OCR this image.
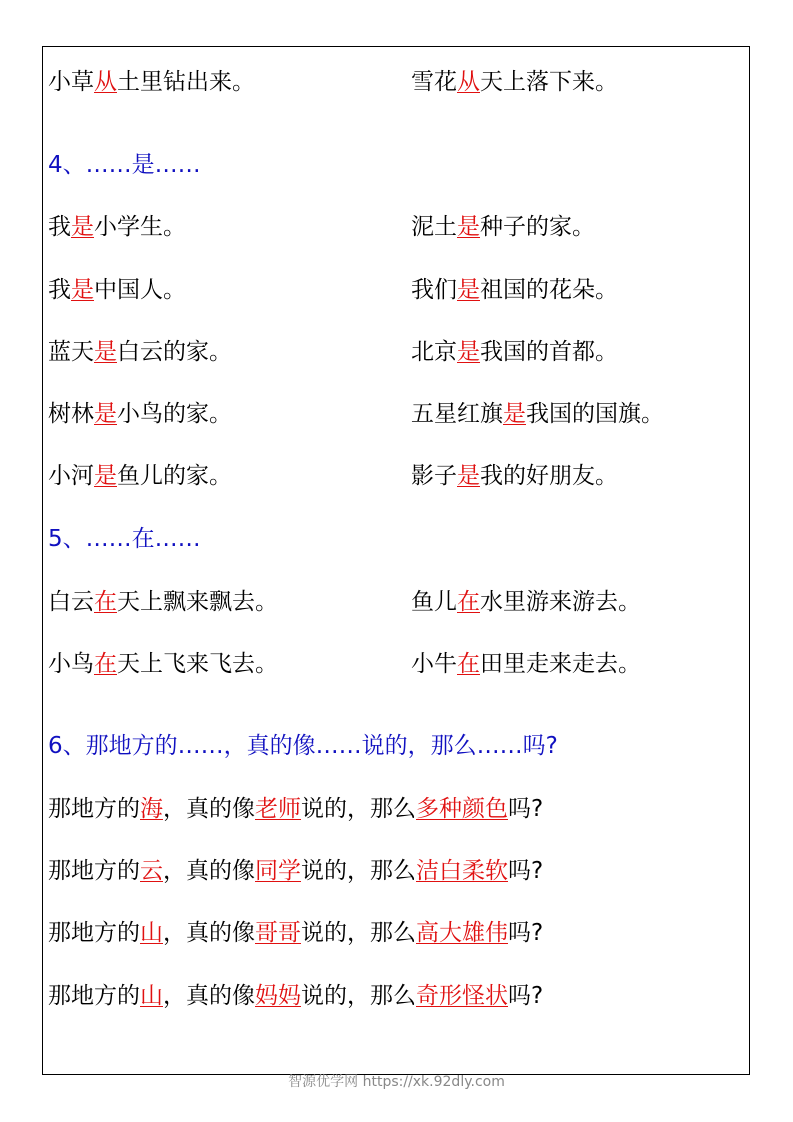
小草从土里钻出来。	雪花从天上落下来。
4、……是……
我是小学生。	泥土是种子的家。
我是中国人。	我们是祖国的花朵。
蓝天是白云的家。	北京是我国的首都。
树林是小鸟的家。	五星红旗是我国的国旗。
小河是鱼儿的家。	影子是我的好朋友。
5、……在……
白云在天上飘来飘去。	鱼儿在水里游来游去。
小鸟在天上飞来飞去。	小牛在田里走来走去。
6、那地方的……，真的像……说的，那么……吗?
那地方的海，真的像老师说的，那么多种颜色吗?
那地方的云，真的像同学说的，那么洁白柔软吗?
那地方的山，真的像哥哥说的，那么高大雄伟吗?
那地方的山，真的像妈妈说的，那么奇形怪状吗?
智源优学网 https://xk.92dly.com
